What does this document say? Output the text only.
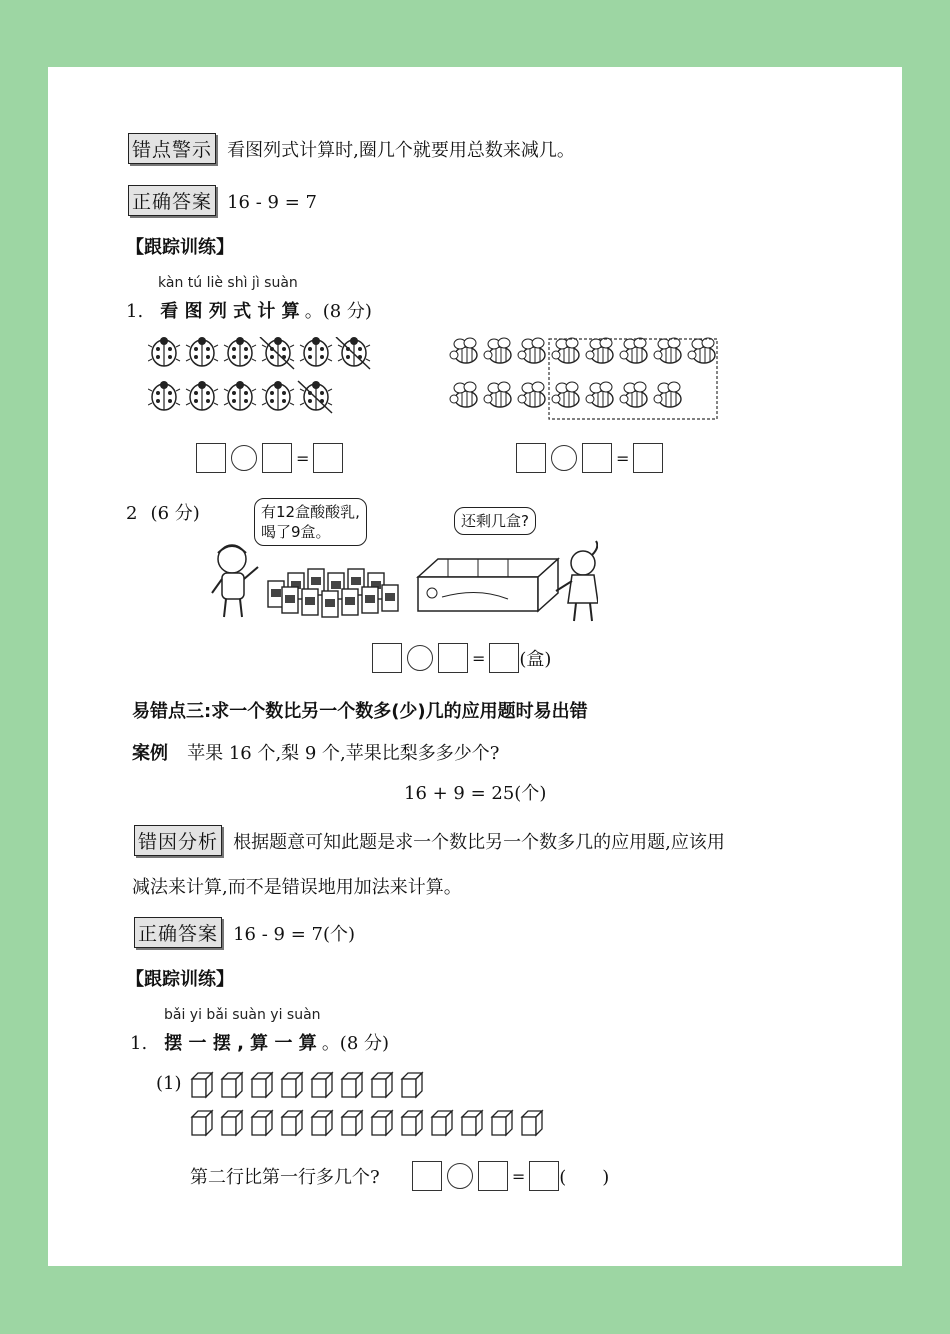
错点警示 看图列式计算时,圈几个就要用总数来减几。
正确答案 16 - 9 = 7
【跟踪训练】
kàn tú liè shì jì suàn
1. 看 图 列 式 计 算 。(8 分)
=	=
2 (6 分)	有12盒酸酸乳,
喝了9盒。
还剩几盒?
= (盒)
易错点三:求一个数比另一个数多(少)几的应用题时易出错
案例 苹果 16 个,梨 9 个,苹果比梨多多少个?
16 + 9 = 25(个)
错因分析 根据题意可知此题是求一个数比另一个数多几的应用题,应该用
减法来计算,而不是错误地用加法来计算。
正确答案 16 - 9 = 7(个)
【跟踪训练】
bǎi yi bǎi suàn yi suàn
1. 摆 一 摆 , 算 一 算 。(8 分)
(1)
第二行比第一行多几个?	= (　　)
